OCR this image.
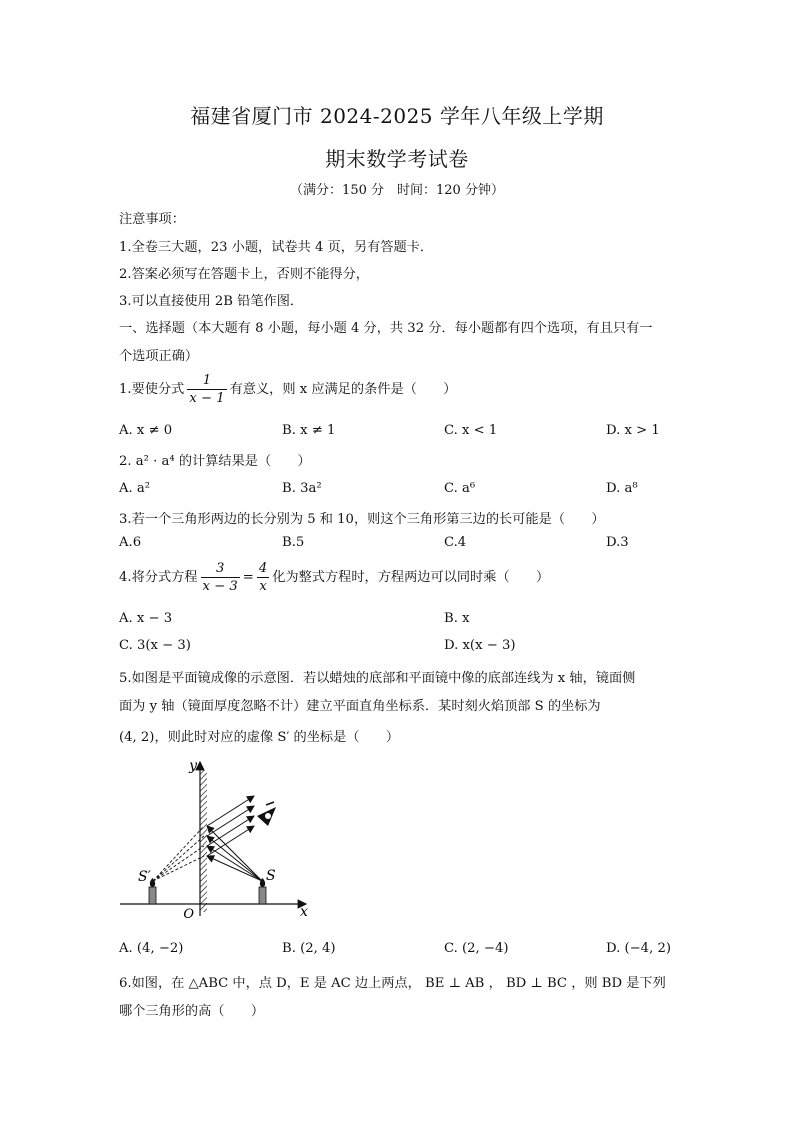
福建省厦门市 2024-2025 学年八年级上学期
期末数学考试卷
（满分：150 分　时间：120 分钟）
注意事项：
1.全卷三大题，23 小题，试卷共 4 页，另有答题卡．
2.答案必须写在答题卡上，否则不能得分，
3.可以直接使用 2B 铅笔作图．
一、选择题（本大题有 8 小题，每小题 4 分，共 32 分．每小题都有四个选项，有且只有一
个选项正确）
1.要使分式 $\frac{1}{x - 1}$ 有意义，则 x 应满足的条件是（　　）
A. x ≠ 0	B. x ≠ 1	C. x < 1	D. x > 1
2. a² · a⁴ 的计算结果是（　　）
A. a²	B. 3a²	C. a⁶	D. a⁸
3.若一个三角形两边的长分别为 5 和 10，则这个三角形第三边的长可能是（　　）
A.6	B.5	C.4	D.3
4.将分式方程 $\frac{3}{x - 3} = \frac{4}{x}$ 化为整式方程时，方程两边可以同时乘（　　）
A. x − 3	B. x
C. 3(x − 3)	D. x(x − 3)
5.如图是平面镜成像的示意图．若以蜡烛的底部和平面镜中像的底部连线为 x 轴，镜面侧
面为 y 轴（镜面厚度忽略不计）建立平面直角坐标系．某时刻火焰顶部 S 的坐标为
(4, 2)，则此时对应的虚像 S′ 的坐标是（　　）
y
x
O
S
S′
A. (4, −2)	B. (2, 4)	C. (2, −4)	D. (−4, 2)
6.如图，在 △ABC 中，点 D，E 是 AC 边上两点， BE ⊥ AB ， BD ⊥ BC ，则 BD 是下列
哪个三角形的高（　　）
